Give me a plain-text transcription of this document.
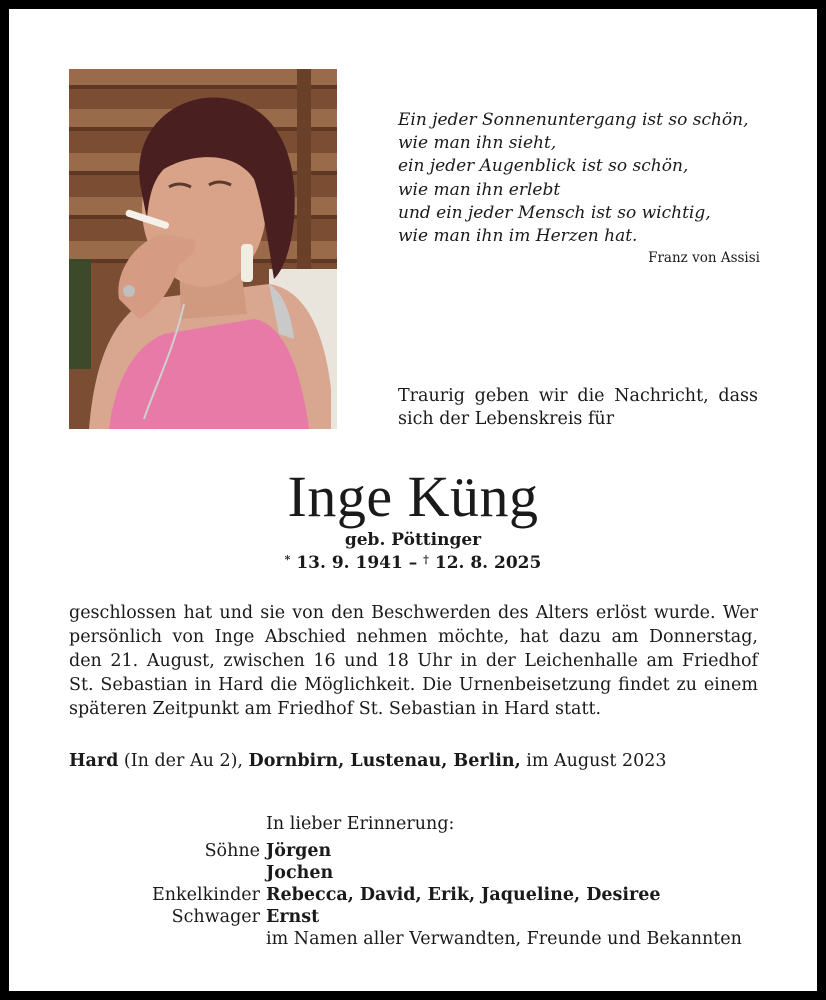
Ein jeder Sonnenuntergang ist so schön,
wie man ihn sieht,
ein jeder Augenblick ist so schön,
wie man ihn erlebt
und ein jeder Mensch ist so wichtig,
wie man ihn im Herzen hat.
Franz von Assisi
Traurig geben wir die Nachricht, dass sich der Lebenskreis für
Inge Küng
geb. Pöttinger
* 13. 9. 1941 – † 12. 8. 2025
geschlossen hat und sie von den Beschwerden des Alters erlöst wurde. Wer
persönlich von Inge Abschied nehmen möchte, hat dazu am Donnerstag,
den 21. August, zwischen 16 und 18 Uhr in der Leichenhalle am Friedhof
St. Sebastian in Hard die Möglichkeit. Die Urnenbeisetzung findet zu einem
späteren Zeitpunkt am Friedhof St. Sebastian in Hard statt.
Hard (In der Au 2), Dornbirn, Lustenau, Berlin, im August 2023
In lieber Erinnerung:
Söhne Jörgen
Jochen
Enkelkinder Rebecca, David, Erik, Jaqueline, Desiree
Schwager Ernst
im Namen aller Verwandten, Freunde und Bekannten
